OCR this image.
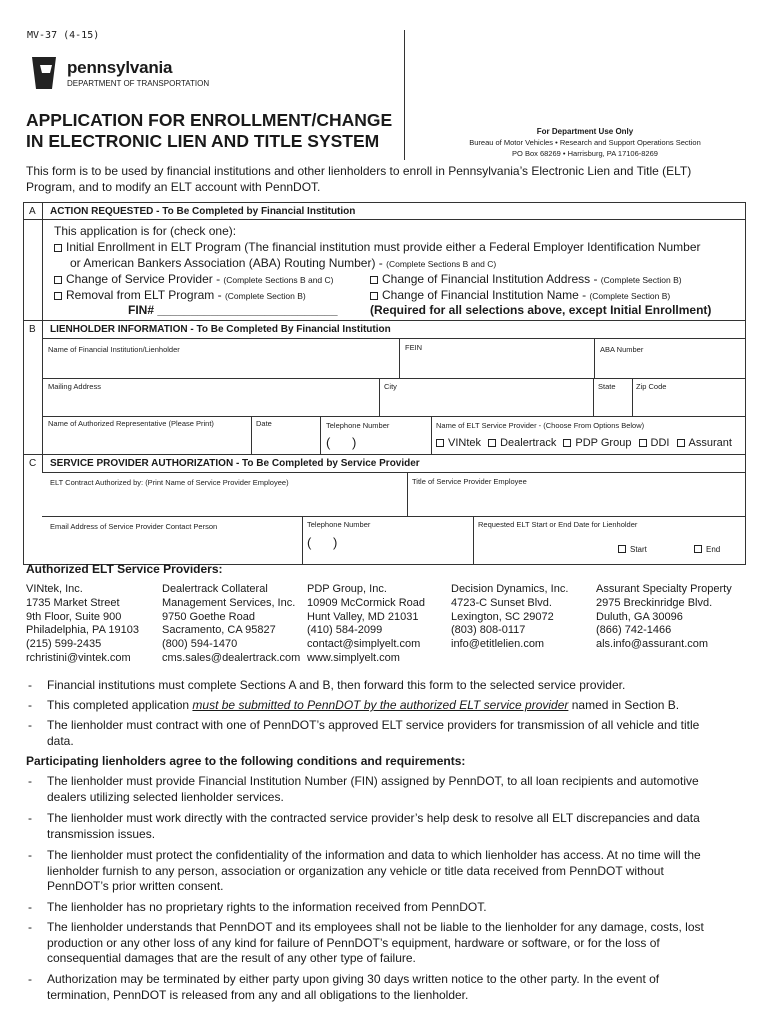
MV-37 (4-15)
pennsylvania
DEPARTMENT OF TRANSPORTATION
APPLICATION FOR ENROLLMENT/CHANGE
IN ELECTRONIC LIEN AND TITLE SYSTEM	For Department Use Only
Bureau of Motor Vehicles • Research and Support Operations Section
PO Box 68269 • Harrisburg, PA 17106-8269
This form is to be used by financial institutions and other lienholders to enroll in Pennsylvania’s Electronic Lien and Title (ELT)
Program, and to modify an ELT account with PennDOT.
A ACTION REQUESTED - To Be Completed by Financial Institution
This application is for (check one):
Initial Enrollment in ELT Program (The financial institution must provide either a Federal Employer Identification Number
or American Bankers Association (ABA) Routing Number) - (Complete Sections B and C)
Change of Service Provider - (Complete Sections B and C)	Change of Financial Institution Address - (Complete Section B)
Removal from ELT Program - (Complete Section B)	Change of Financial Institution Name - (Complete Section B)
FIN# ___________________________	(Required for all selections above, except Initial Enrollment)
B LIENHOLDER INFORMATION - To Be Completed By Financial Institution
Name of Financial Institution/Lienholder	FEIN	ABA Number
Mailing Address	City	State	Zip Code
Name of Authorized Representative (Please Print)	Date	Telephone Number
(      )
Name of ELT Service Provider - (Choose From Options Below)
VINtek Dealertrack PDP Group DDI Assurant
C SERVICE PROVIDER AUTHORIZATION - To Be Completed by Service Provider
ELT Contract Authorized by: (Print Name of Service Provider Employee)	Title of Service Provider Employee
Email Address of Service Provider Contact Person	Telephone Number
(      )
Requested ELT Start or End Date for Lienholder
Start	End
Authorized ELT Service Providers:
VINtek, Inc.
1735 Market Street
9th Floor, Suite 900
Philadelphia, PA 19103
(215) 599-2435
rchristini@vintek.com
Dealertrack Collateral
Management Services, Inc.
9750 Goethe Road
Sacramento, CA 95827
(800) 594-1470
cms.sales@dealertrack.com
PDP Group, Inc.
10909 McCormick Road
Hunt Valley, MD 21031
(410) 584-2099
contact@simplyelt.com
www.simplyelt.com
Decision Dynamics, Inc.
4723-C Sunset Blvd.
Lexington, SC 29072
(803) 808-0117
info@etitlelien.com
Assurant Specialty Property
2975 Breckinridge Blvd.
Duluth, GA 30096
(866) 742-1466
als.info@assurant.com
- Financial institutions must complete Sections A and B, then forward this form to the selected service provider.
- This completed application must be submitted to PennDOT by the authorized ELT service provider named in Section B.
- The lienholder must contract with one of PennDOT’s approved ELT service providers for transmission of all vehicle and title
data.
Participating lienholders agree to the following conditions and requirements:
- The lienholder must provide Financial Institution Number (FIN) assigned by PennDOT, to all loan recipients and automotive
dealers utilizing selected lienholder services.
- The lienholder must work directly with the contracted service provider’s help desk to resolve all ELT discrepancies and data
transmission issues.
- The lienholder must protect the confidentiality of the information and data to which lienholder has access. At no time will the
lienholder furnish to any person, association or organization any vehicle or title data received from PennDOT without
PennDOT’s prior written consent.
- The lienholder has no proprietary rights to the information received from PennDOT.
- The lienholder understands that PennDOT and its employees shall not be liable to the lienholder for any damage, costs, lost
production or any other loss of any kind for failure of PennDOT’s equipment, hardware or software, or for the loss of
consequential damages that are the result of any other type of failure.
- Authorization may be terminated by either party upon giving 30 days written notice to the other party. In the event of
termination, PennDOT is released from any and all obligations to the lienholder.
